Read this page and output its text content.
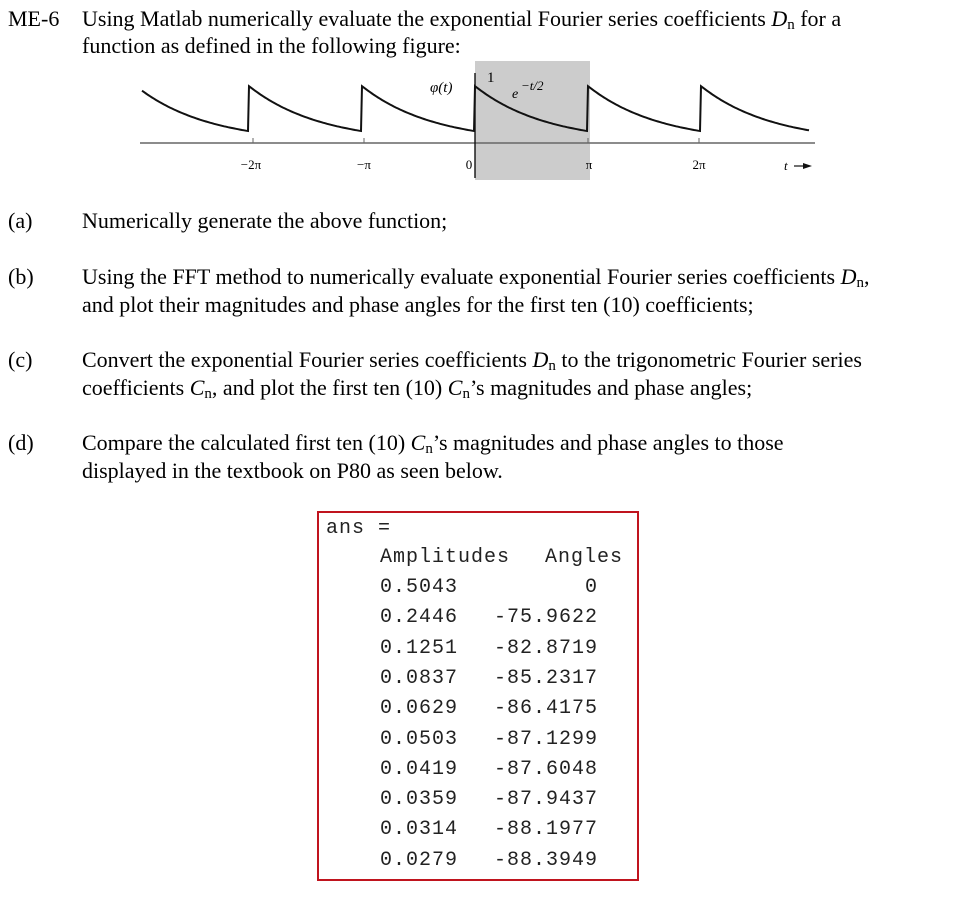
ME-6 Using Matlab numerically evaluate the exponential Fourier series coefficients $D_n$ for a
function as defined in the following figure:
φ(t)
1
e
−t/2
−2π	−π	0	π	2π	t
(a) Numerically generate the above function;
(b) Using the FFT method to numerically evaluate exponential Fourier series coefficients $D_n$,
and plot their magnitudes and phase angles for the first ten (10) coefficients;
(c) Convert the exponential Fourier series coefficients $D_n$ to the trigonometric Fourier series
coefficients $C_n$, and plot the first ten (10) $C_n’s$ magnitudes and phase angles;
(d) Compare the calculated first ten (10) $C_n’s$ magnitudes and phase angles to those
displayed in the textbook on P80 as seen below.
ans =
Amplitudes Angles
0.5043	0
0.2446 -75.9622
0.1251 -82.8719
0.0837 -85.2317
0.0629 -86.4175
0.0503 -87.1299
0.0419 -87.6048
0.0359 -87.9437
0.0314 -88.1977
0.0279 -88.3949
